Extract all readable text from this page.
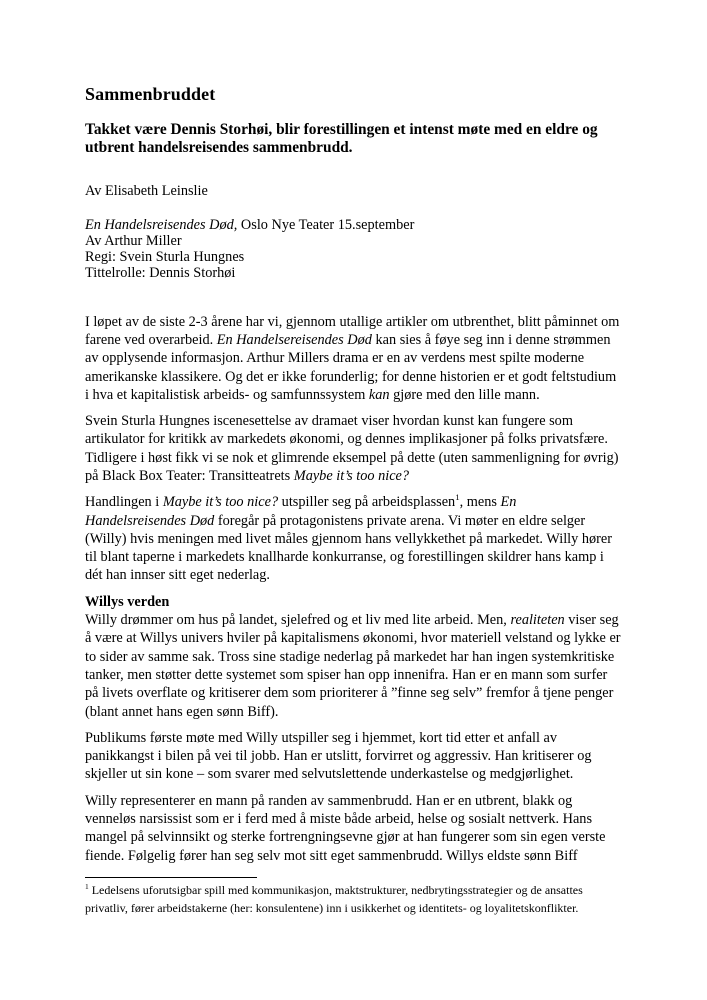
Sammenbruddet

Takket være Dennis Storhøi, blir forestillingen et intenst møte med en eldre og utbrent handelsreisendes sammenbrudd.

Av Elisabeth Leinslie

En Handelsreisendes Død, Oslo Nye Teater 15.september
Av Arthur Miller
Regi: Svein Sturla Hungnes
Tittelrolle: Dennis Storhøi

I løpet av de siste 2-3 årene har vi, gjennom utallige artikler om utbrenthet, blitt påminnet om farene ved overarbeid. En Handelsereisendes Død kan sies å føye seg inn i denne strømmen av opplysende informasjon. Arthur Millers drama er en av verdens mest spilte moderne amerikanske klassikere. Og det er ikke forunderlig; for denne historien er et godt feltstudium i hva et kapitalistisk arbeids- og samfunnssystem kan gjøre med den lille mann.

Svein Sturla Hungnes iscenesettelse av dramaet viser hvordan kunst kan fungere som artikulator for kritikk av markedets økonomi, og dennes implikasjoner på folks privatsfære. Tidligere i høst fikk vi se nok et glimrende eksempel på dette (uten sammenligning for øvrig) på Black Box Teater: Transitteatrets Maybe it’s too nice?

Handlingen i Maybe it’s too nice? utspiller seg på arbeidsplassen$^1$, mens En Handelsreisendes Død foregår på protagonistens private arena. Vi møter en eldre selger (Willy) hvis meningen med livet måles gjennom hans vellykkethet på markedet. Willy hører til blant taperne i markedets knallharde konkurranse, og forestillingen skildrer hans kamp i dét han innser sitt eget nederlag.

Willys verden

Willy drømmer om hus på landet, sjelefred og et liv med lite arbeid. Men, realiteten viser seg å være at Willys univers hviler på kapitalismens økonomi, hvor materiell velstand og lykke er to sider av samme sak. Tross sine stadige nederlag på markedet har han ingen systemkritiske tanker, men støtter dette systemet som spiser han opp innenifra. Han er en mann som surfer på livets overflate og kritiserer dem som prioriterer å ”finne seg selv” fremfor å tjene penger (blant annet hans egen sønn Biff).

Publikums første møte med Willy utspiller seg i hjemmet, kort tid etter et anfall av panikkangst i bilen på vei til jobb. Han er utslitt, forvirret og aggressiv. Han kritiserer og skjeller ut sin kone – som svarer med selvutslettende underkastelse og medgjørlighet.

Willy representerer en mann på randen av sammenbrudd. Han er en utbrent, blakk og venneløs narsissist som er i ferd med å miste både arbeid, helse og sosialt nettverk. Hans mangel på selvinnsikt og sterke fortrengningsevne gjør at han fungerer som sin egen verste fiende. Følgelig fører han seg selv mot sitt eget sammenbrudd. Willys eldste sønn Biff

$^1$ Ledelsens uforutsigbar spill med kommunikasjon, maktstrukturer, nedbrytingsstrategier og de ansattes privatliv, fører arbeidstakerne (her: konsulentene) inn i usikkerhet og identitets- og loyalitetskonflikter.
